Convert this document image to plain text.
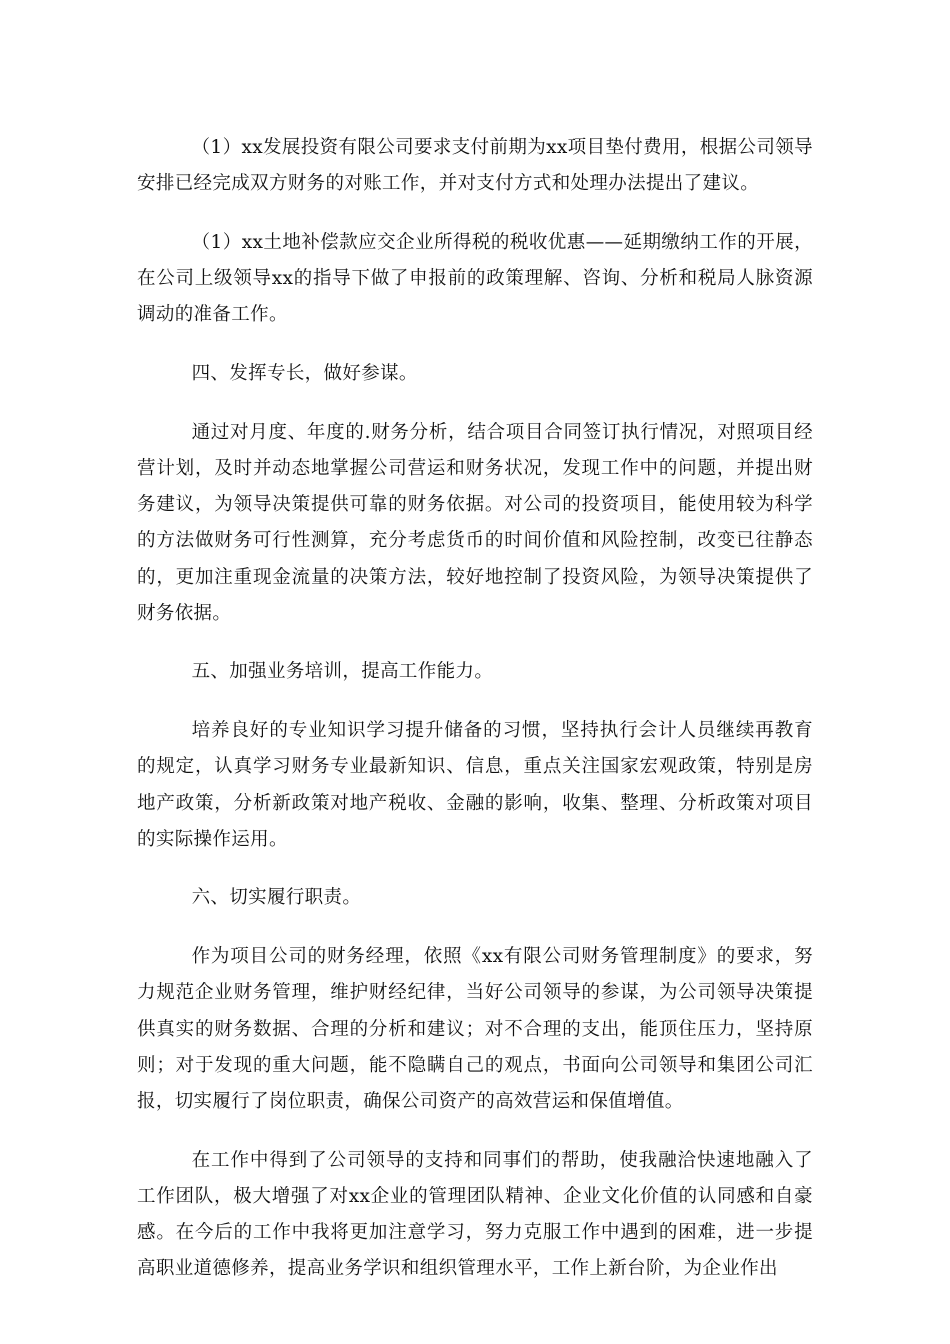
（1）xx发展投资有限公司要求支付前期为xx项目垫付费用，根据公司领导安排已经完成双方财务的对账工作，并对支付方式和处理办法提出了建议。

（1）xx土地补偿款应交企业所得税的税收优惠——延期缴纳工作的开展，在公司上级领导xx的指导下做了申报前的政策理解、咨询、分析和税局人脉资源调动的准备工作。

四、发挥专长，做好参谋。

通过对月度、年度的.财务分析，结合项目合同签订执行情况，对照项目经营计划，及时并动态地掌握公司营运和财务状况，发现工作中的问题，并提出财务建议，为领导决策提供可靠的财务依据。对公司的投资项目，能使用较为科学的方法做财务可行性测算，充分考虑货币的时间价值和风险控制，改变已往静态的，更加注重现金流量的决策方法，较好地控制了投资风险，为领导决策提供了财务依据。

五、加强业务培训，提高工作能力。

培养良好的专业知识学习提升储备的习惯，坚持执行会计人员继续再教育的规定，认真学习财务专业最新知识、信息，重点关注国家宏观政策，特别是房地产政策，分析新政策对地产税收、金融的影响，收集、整理、分析政策对项目的实际操作运用。

六、切实履行职责。

作为项目公司的财务经理，依照《xx有限公司财务管理制度》的要求，努力规范企业财务管理，维护财经纪律，当好公司领导的参谋，为公司领导决策提供真实的财务数据、合理的分析和建议；对不合理的支出，能顶住压力，坚持原则；对于发现的重大问题，能不隐瞒自己的观点，书面向公司领导和集团公司汇报，切实履行了岗位职责，确保公司资产的高效营运和保值增值。

在工作中得到了公司领导的支持和同事们的帮助，使我融洽快速地融入了工作团队，极大增强了对xx企业的管理团队精神、企业文化价值的认同感和自豪感。在今后的工作中我将更加注意学习，努力克服工作中遇到的困难，进一步提高职业道德修养，提高业务学识和组织管理水平，工作上新台阶，为企业作出
